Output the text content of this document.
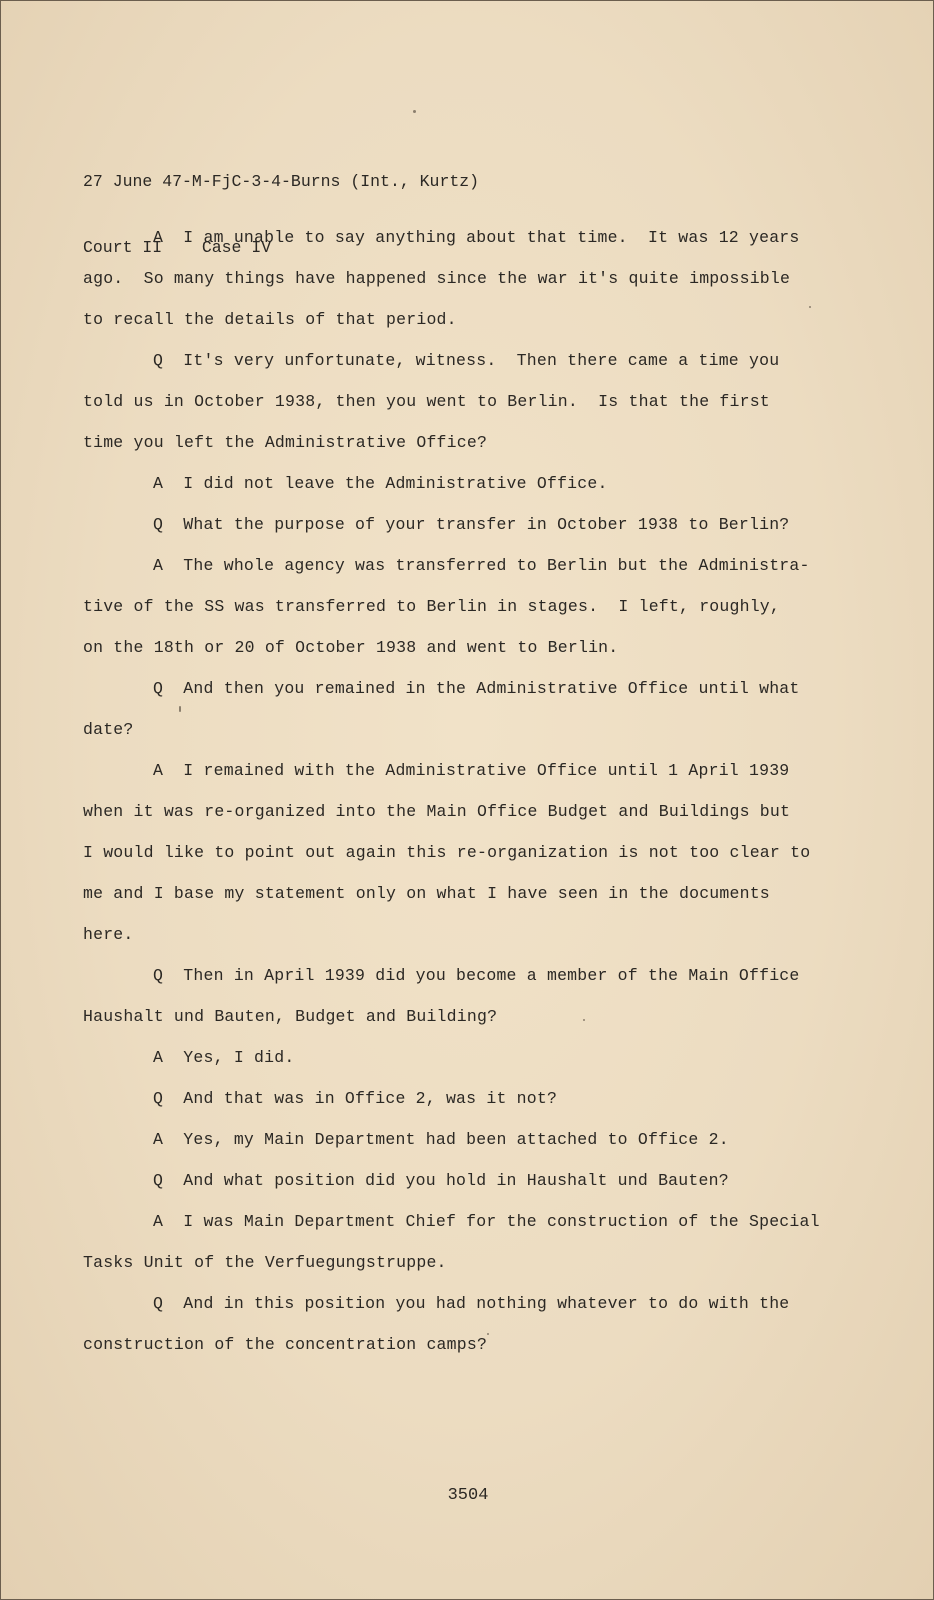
27 June 47-M-FjC-3-4-Burns (Int., Kurtz)

Court II    Case IV

A  I am unable to say anything about that time.  It was 12 years
ago.  So many things have happened since the war it's quite impossible
to recall the details of that period.
Q  It's very unfortunate, witness.  Then there came a time you
told us in October 1938, then you went to Berlin.  Is that the first
time you left the Administrative Office?
A  I did not leave the Administrative Office.
Q  What the purpose of your transfer in October 1938 to Berlin?
A  The whole agency was transferred to Berlin but the Administra-
tive of the SS was transferred to Berlin in stages.  I left, roughly,
on the 18th or 20 of October 1938 and went to Berlin.
Q  And then you remained in the Administrative Office until what
date?
A  I remained with the Administrative Office until 1 April 1939
when it was re-organized into the Main Office Budget and Buildings but
I would like to point out again this re-organization is not too clear to
me and I base my statement only on what I have seen in the documents
here.
Q  Then in April 1939 did you become a member of the Main Office
Haushalt und Bauten, Budget and Building?
A  Yes, I did.
Q  And that was in Office 2, was it not?
A  Yes, my Main Department had been attached to Office 2.
Q  And what position did you hold in Haushalt und Bauten?
A  I was Main Department Chief for the construction of the Special
Tasks Unit of the Verfuegungstruppe.
Q  And in this position you had nothing whatever to do with the
construction of the concentration camps?
3504
